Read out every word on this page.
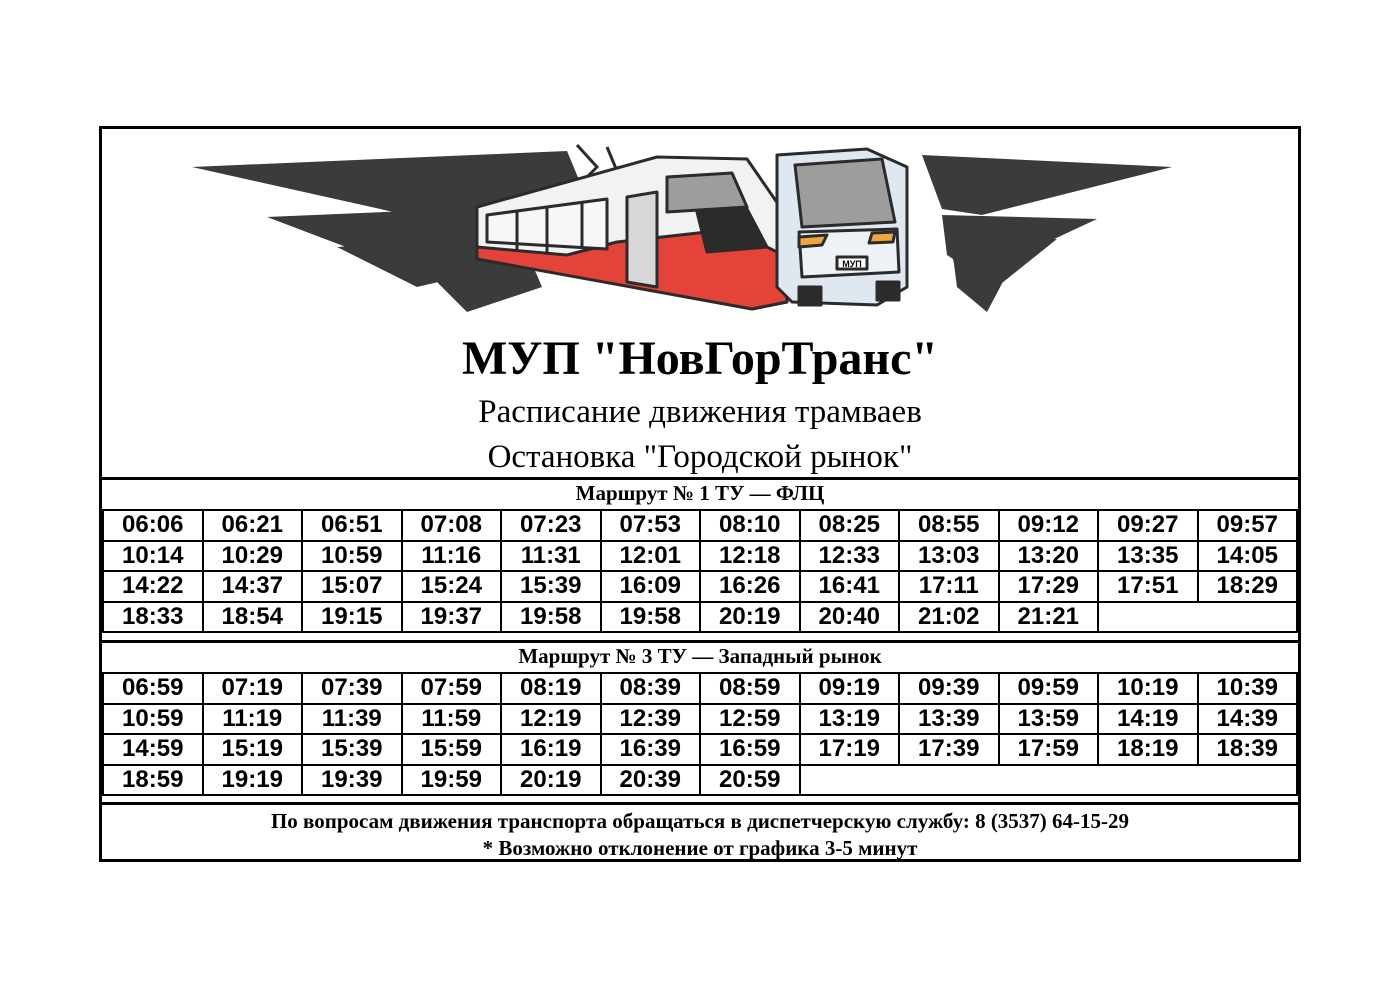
МУП
МУП "НовГорТранс"
Расписание движения трамваев
Остановка "Городской рынок"
Маршрут № 1 ТУ — ФЛЦ
06:06	06:21	06:51	07:08	07:23	07:53	08:10	08:25	08:55	09:12	09:27	09:57
10:14	10:29	10:59	11:16	11:31	12:01	12:18	12:33	13:03	13:20	13:35	14:05
14:22	14:37	15:07	15:24	15:39	16:09	16:26	16:41	17:11	17:29	17:51	18:29
18:33	18:54	19:15	19:37	19:58	19:58	20:19	20:40	21:02	21:21		
Маршрут № 3 ТУ — Западный рынок
06:59	07:19	07:39	07:59	08:19	08:39	08:59	09:19	09:39	09:59	10:19	10:39
10:59	11:19	11:39	11:59	12:19	12:39	12:59	13:19	13:39	13:59	14:19	14:39
14:59	15:19	15:39	15:59	16:19	16:39	16:59	17:19	17:39	17:59	18:19	18:39
18:59	19:19	19:39	19:59	20:19	20:39	20:59					
По вопросам движения транспорта обращаться в диспетчерскую службу: 8 (3537) 64-15-29
* Возможно отклонение от графика 3-5 минут
